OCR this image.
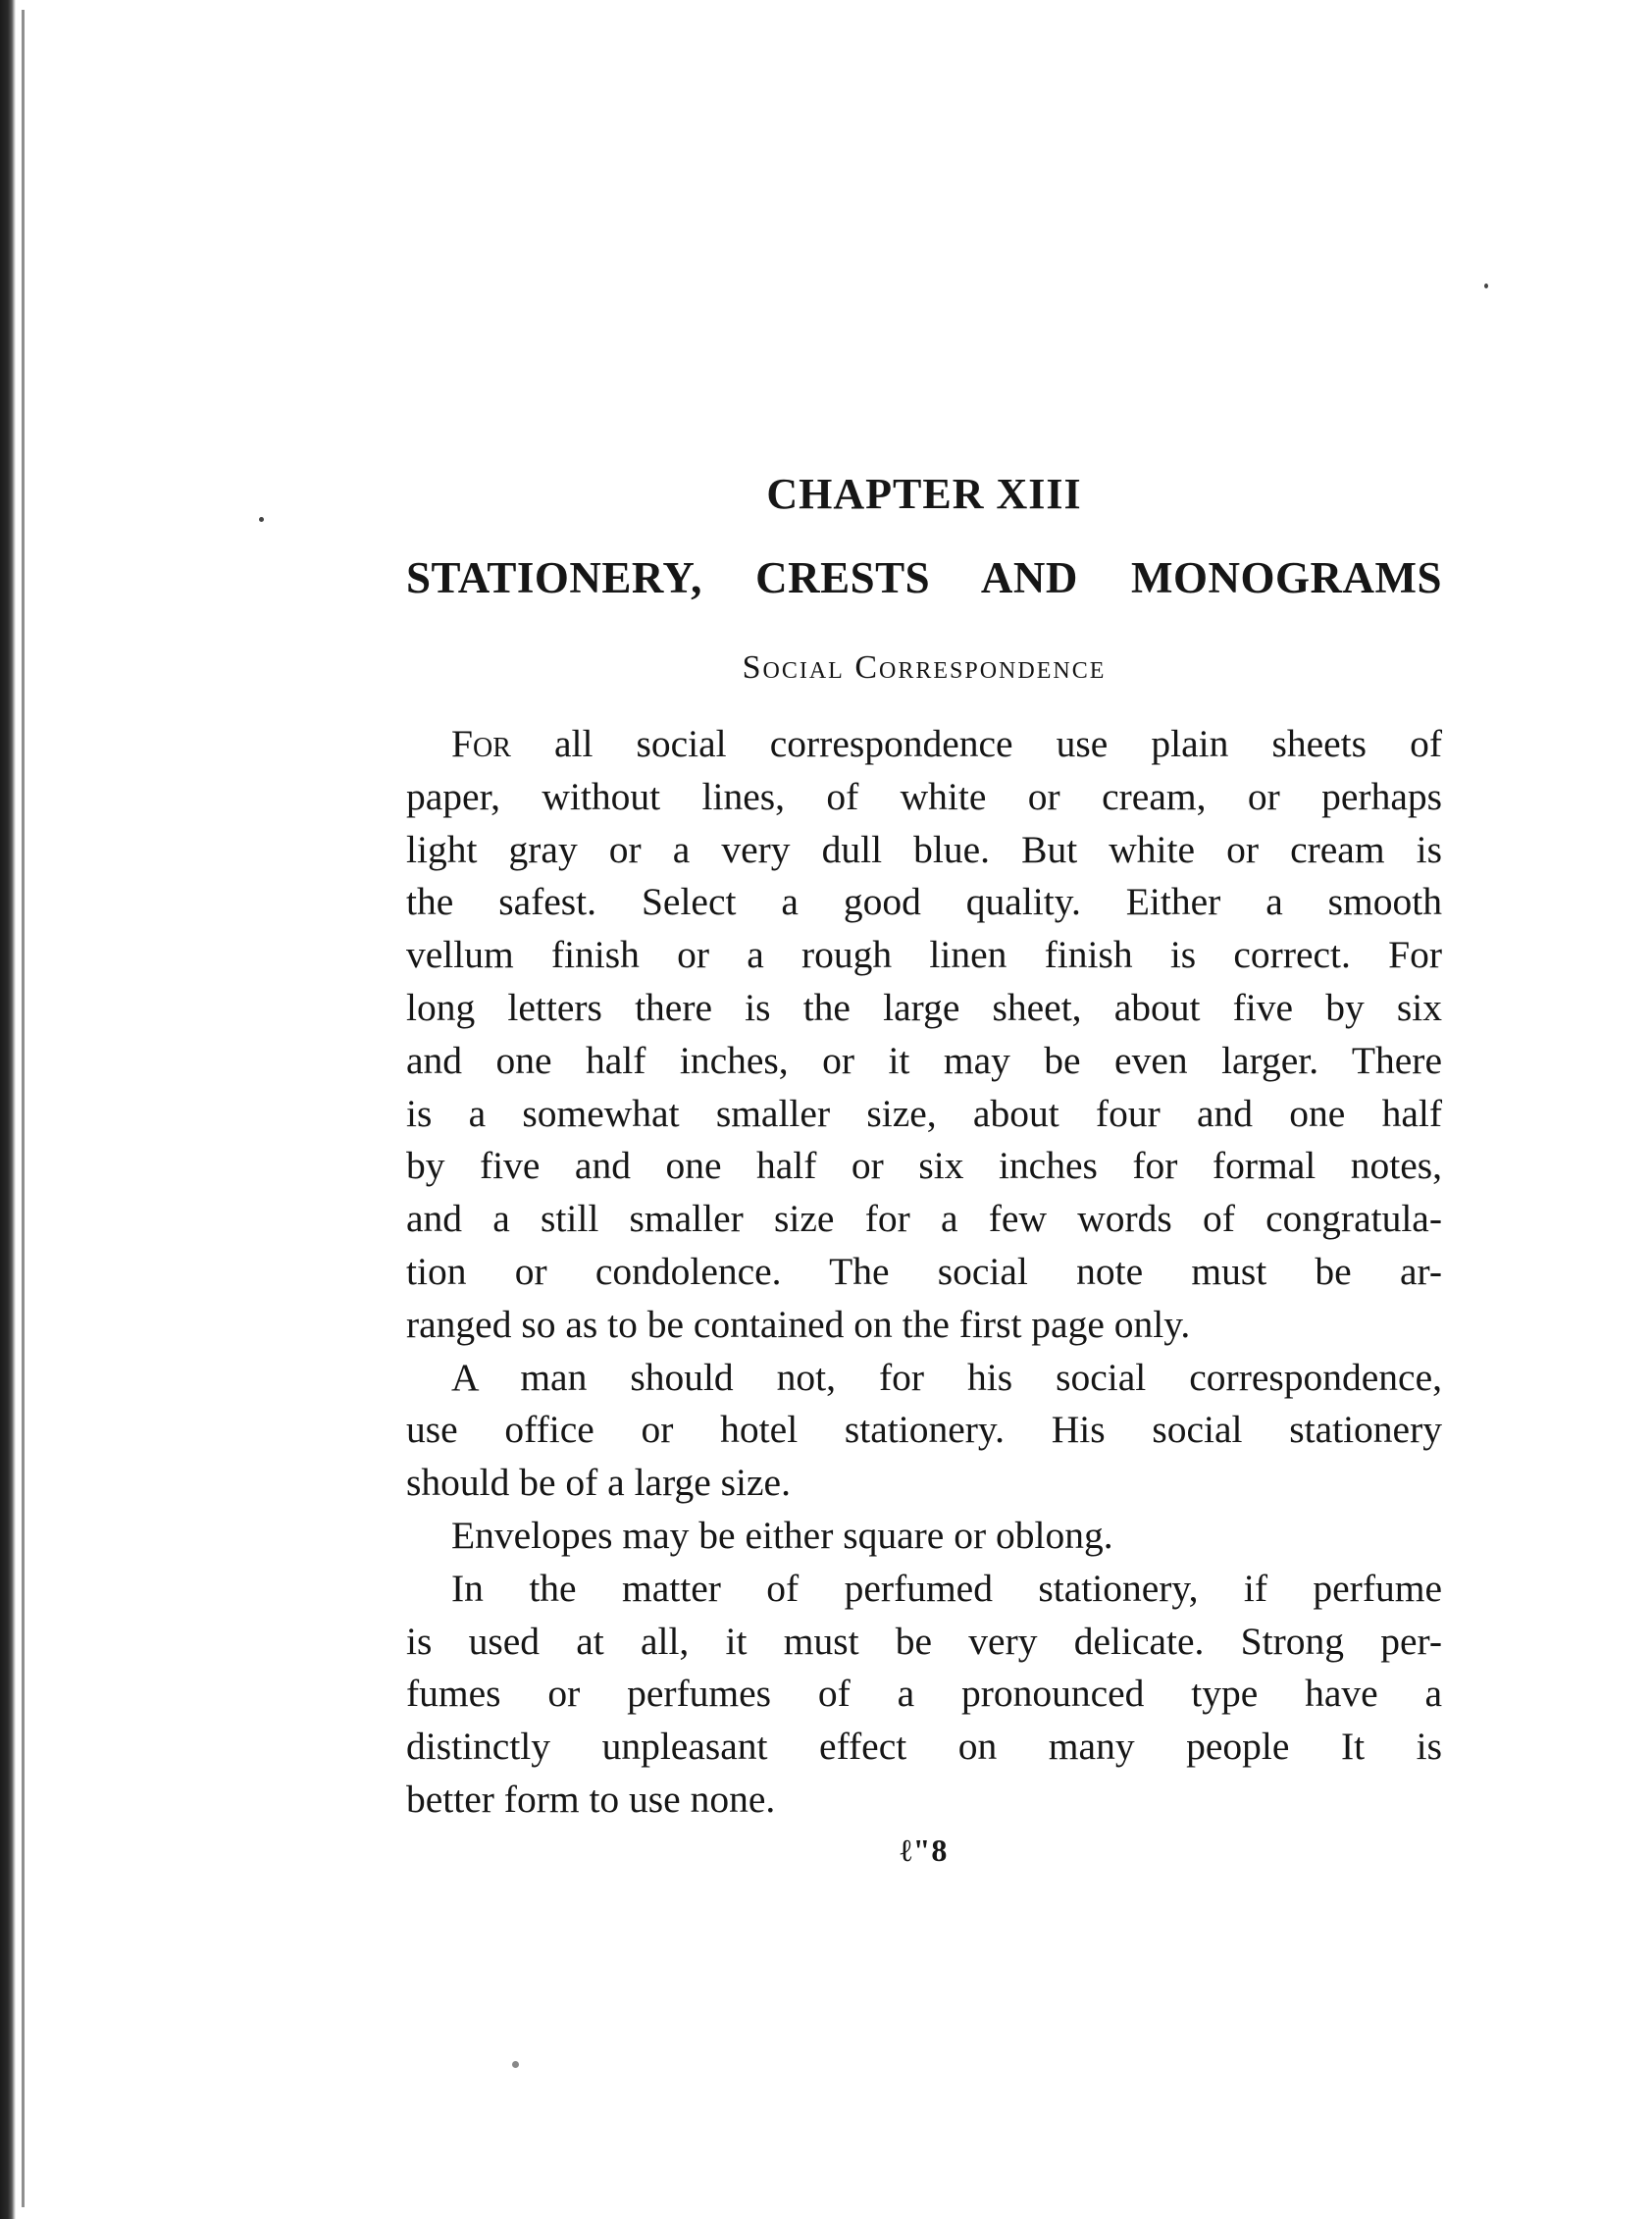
CHAPTER XIII
STATIONERY, CRESTS AND MONOGRAMS
Social Correspondence
For all social correspondence use plain sheets of
paper, without lines, of white or cream, or perhaps
light gray or a very dull blue. But white or cream is
the safest. Select a good quality. Either a smooth
vellum finish or a rough linen finish is correct. For
long letters there is the large sheet, about five by six
and one half inches, or it may be even larger. There
is a somewhat smaller size, about four and one half
by five and one half or six inches for formal notes,
and a still smaller size for a few words of congratula-
tion or condolence. The social note must be ar-
ranged so as to be contained on the first page only.
A man should not, for his social correspondence,
use office or hotel stationery. His social stationery
should be of a large size.
Envelopes may be either square or oblong.
In the matter of perfumed stationery, if perfume
is used at all, it must be very delicate. Strong per-
fumes or perfumes of a pronounced type have a
distinctly unpleasant effect on many people It is
better form to use none.
ℓ"8
